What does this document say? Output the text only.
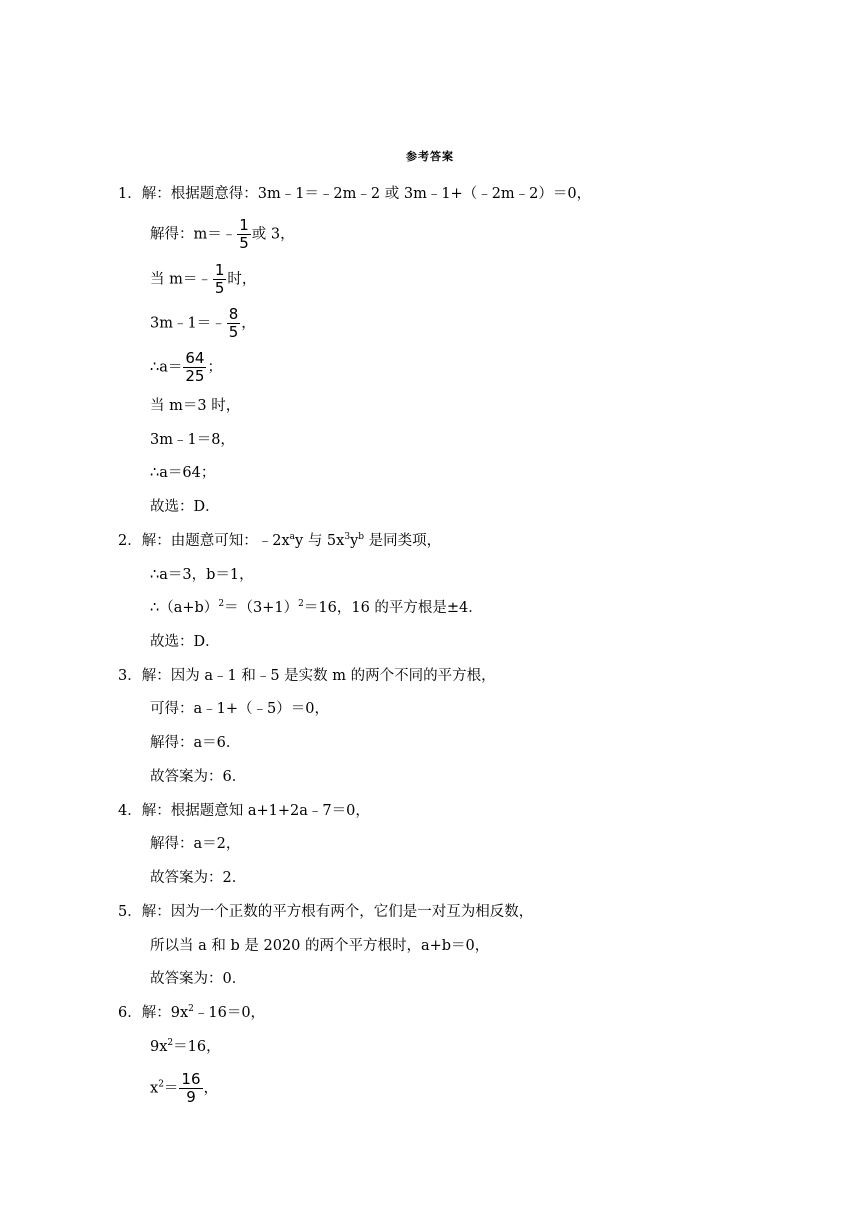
参考答案
1．解：根据题意得：3m﹣1＝﹣2m﹣2 或 3m﹣1+（﹣2m﹣2）＝0，
解得：m＝﹣ $\frac{1}{5}$ 或 3，
当 m＝﹣ $\frac{1}{5}$ 时，
3m﹣1＝﹣ $\frac{8}{5}$ ，
∴a＝ $\frac{64}{25}$ ；
当 m＝3 时，
3m﹣1＝8，
∴a＝64；
故选：D．
2．解：由题意可知：$﹣2x^ay$ 与 $5x^3y^b$ 是同类项，
∴a＝3，b＝1，
$\therefore(a+b)^2=(3+1)^2=16$，16 的平方根是±4．
故选：D．
3．解：因为 a﹣1 和﹣5 是实数 m 的两个不同的平方根，
可得：a﹣1+（﹣5）＝0，
解得：a＝6．
故答案为：6．
4．解：根据题意知 a+1+2a﹣7＝0，
解得：a＝2，
故答案为：2．
5．解：因为一个正数的平方根有两个，它们是一对互为相反数，
所以当 a 和 b 是 2020 的两个平方根时，a+b＝0，
故答案为：0．
6．解：$9x^2﹣16=0$，
$9x^2=16$，
$x^2= \frac{16}{9}$ ，
